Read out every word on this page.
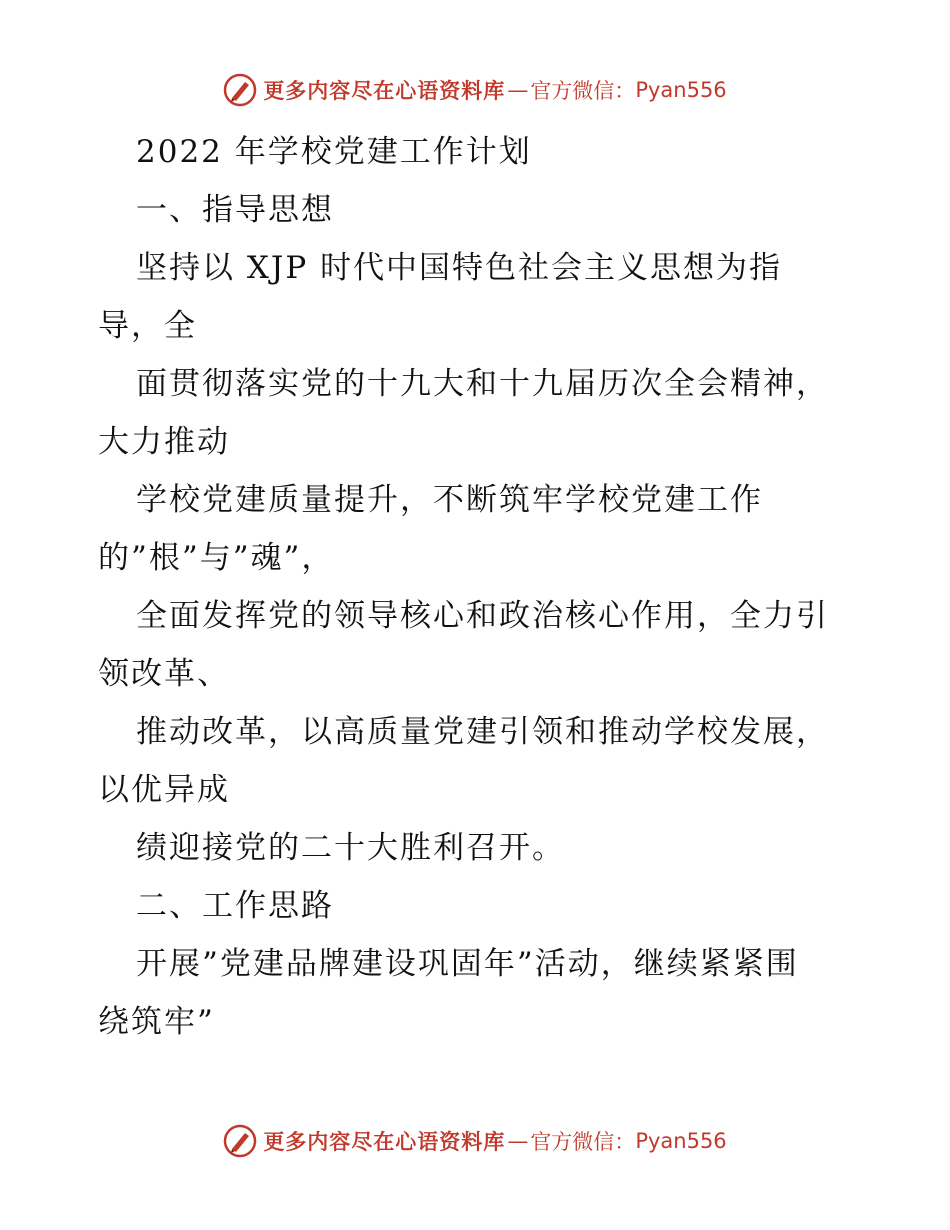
更多内容尽在心语资料库 — 官方微信： Pyan556
2022 年学校党建工作计划
一、指导思想
坚持以 XJP 时代中国特色社会主义思想为指
导，全
面贯彻落实党的十九大和十九届历次全会精神，
大力推动
学校党建质量提升，不断筑牢学校党建工作
的”根”与”魂”，
全面发挥党的领导核心和政治核心作用，全力引
领改革、
推动改革，以高质量党建引领和推动学校发展，
以优异成
绩迎接党的二十大胜利召开。
二、工作思路
开展”党建品牌建设巩固年”活动，继续紧紧围
绕筑牢”
更多内容尽在心语资料库 — 官方微信： Pyan556
